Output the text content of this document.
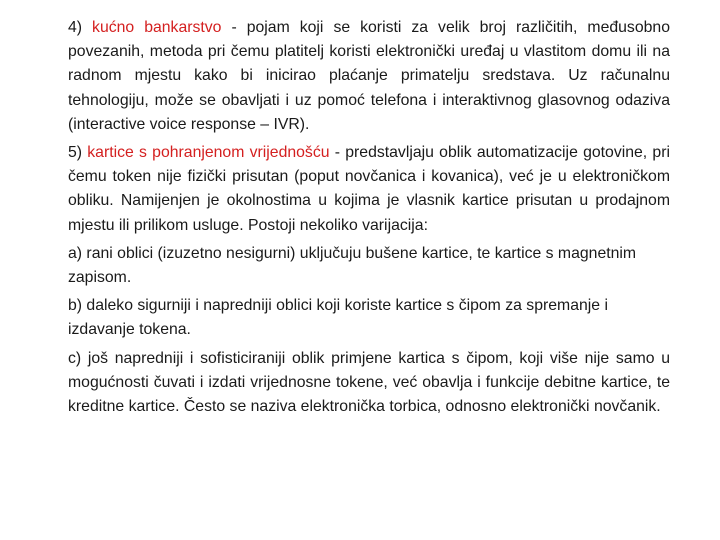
4) kućno bankarstvo - pojam koji se koristi za velik broj različitih, međusobno povezanih, metoda pri čemu platitelj koristi elektronički uređaj u vlastitom domu ili na radnom mjestu kako bi inicirao plaćanje primatelju sredstava. Uz računalnu tehnologiju, može se obavljati i uz pomoć telefona i interaktivnog glasovnog odaziva (interactive voice response – IVR).

5) kartice s pohranjenom vrijednošću - predstavljaju oblik automatizacije gotovine, pri čemu token nije fizički prisutan (poput novčanica i kovanica), već je u elektroničkom obliku. Namijenjen je okolnostima u kojima je vlasnik kartice prisutan u prodajnom mjestu ili prilikom usluge. Postoji nekoliko varijacija:

a) rani oblici (izuzetno nesigurni) uključuju bušene kartice, te kartice s magnetnim zapisom.

b) daleko sigurniji i napredniji oblici koji koriste kartice s čipom za spremanje i izdavanje tokena.

c) još napredniji i sofisticiraniji oblik primjene kartica s čipom, koji više nije samo u mogućnosti čuvati i izdati vrijednosne tokene, već obavlja i funkcije debitne kartice, te kreditne kartice. Često se naziva elektronička torbica, odnosno elektronički novčanik.
